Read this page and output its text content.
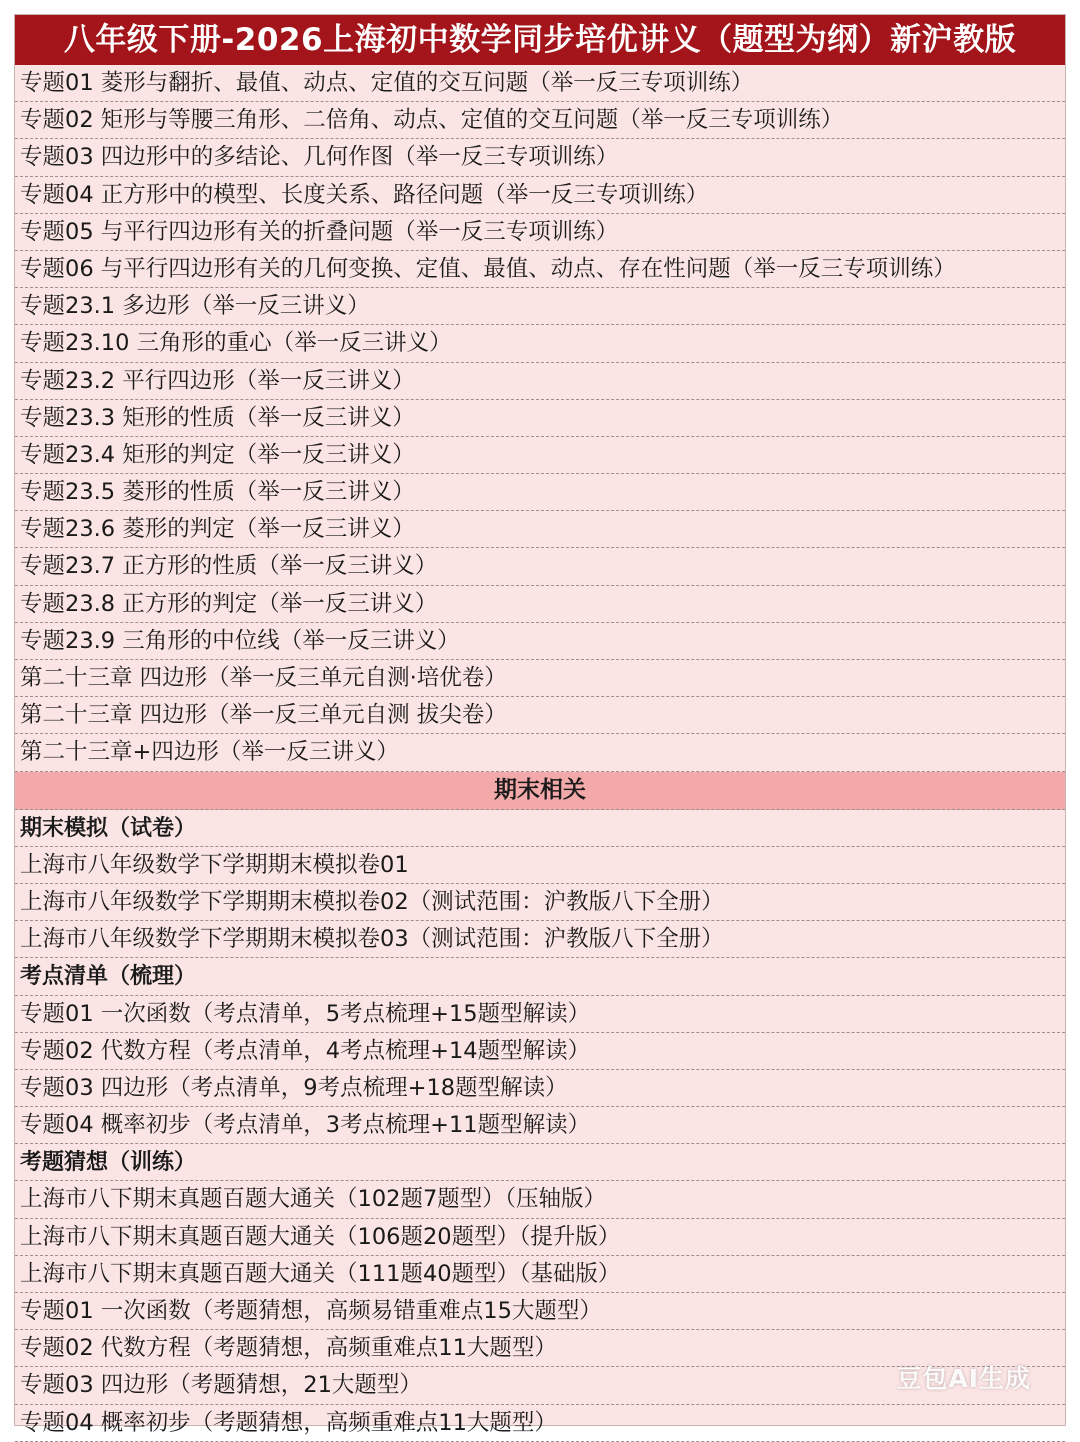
八年级下册-2026上海初中数学同步培优讲义（题型为纲）新沪教版
专题01 菱形与翻折、最值、动点、定值的交互问题（举一反三专项训练）
专题02 矩形与等腰三角形、二倍角、动点、定值的交互问题（举一反三专项训练）
专题03 四边形中的多结论、几何作图（举一反三专项训练）
专题04 正方形中的模型、长度关系、路径问题（举一反三专项训练）
专题05 与平行四边形有关的折叠问题（举一反三专项训练）
专题06 与平行四边形有关的几何变换、定值、最值、动点、存在性问题（举一反三专项训练）
专题23.1 多边形（举一反三讲义）
专题23.10 三角形的重心（举一反三讲义）
专题23.2 平行四边形（举一反三讲义）
专题23.3 矩形的性质（举一反三讲义）
专题23.4 矩形的判定（举一反三讲义）
专题23.5 菱形的性质（举一反三讲义）
专题23.6 菱形的判定（举一反三讲义）
专题23.7 正方形的性质（举一反三讲义）
专题23.8 正方形的判定（举一反三讲义）
专题23.9 三角形的中位线（举一反三讲义）
第二十三章 四边形（举一反三单元自测·培优卷）
第二十三章 四边形（举一反三单元自测 拔尖卷）
第二十三章+四边形（举一反三讲义）
期末相关
期末模拟（试卷）
上海市八年级数学下学期期末模拟卷01
上海市八年级数学下学期期末模拟卷02（测试范围：沪教版八下全册）
上海市八年级数学下学期期末模拟卷03（测试范围：沪教版八下全册）
考点清单（梳理）
专题01 一次函数（考点清单，5考点梳理+15题型解读）
专题02 代数方程（考点清单，4考点梳理+14题型解读）
专题03 四边形（考点清单，9考点梳理+18题型解读）
专题04 概率初步（考点清单，3考点梳理+11题型解读）
考题猜想（训练）
上海市八下期末真题百题大通关（102题7题型）（压轴版）
上海市八下期末真题百题大通关（106题20题型）（提升版）
上海市八下期末真题百题大通关（111题40题型）（基础版）
专题01 一次函数（考题猜想，高频易错重难点15大题型）
专题02 代数方程（考题猜想，高频重难点11大题型）
专题03 四边形（考题猜想，21大题型）
专题04 概率初步（考题猜想，高频重难点11大题型）
豆包AI生成
